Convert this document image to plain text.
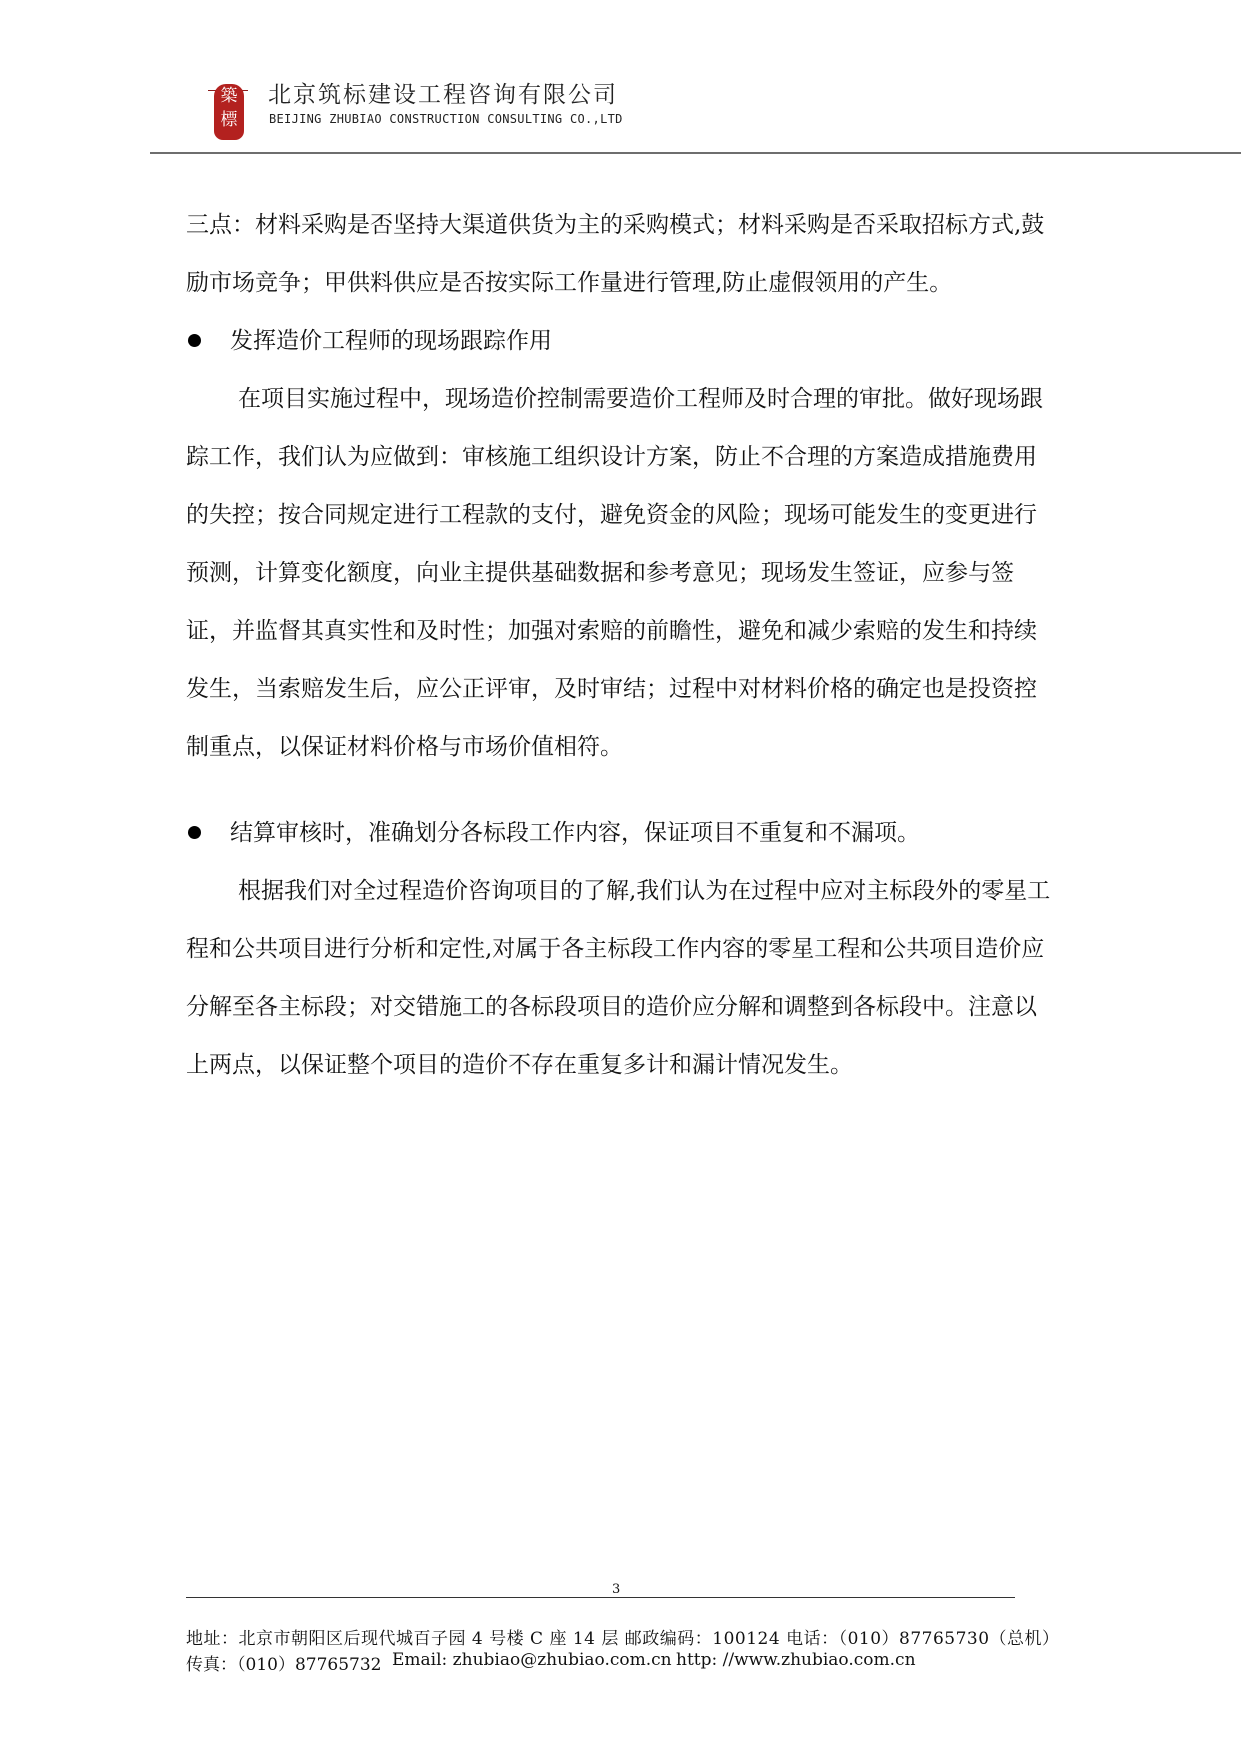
築
標
北京筑标建设工程咨询有限公司
BEIJING ZHUBIAO CONSTRUCTION CONSULTING CO.,LTD

三点：材料采购是否坚持大渠道供货为主的采购模式；材料采购是否采取招标方式,鼓励市场竞争；甲供料供应是否按实际工作量进行管理,防止虚假领用的产生。

发挥造价工程师的现场跟踪作用

在项目实施过程中，现场造价控制需要造价工程师及时合理的审批。做好现场跟踪工作，我们认为应做到：审核施工组织设计方案，防止不合理的方案造成措施费用的失控；按合同规定进行工程款的支付，避免资金的风险；现场可能发生的变更进行预测，计算变化额度，向业主提供基础数据和参考意见；现场发生签证，应参与签证，并监督其真实性和及时性；加强对索赔的前瞻性，避免和减少索赔的发生和持续发生，当索赔发生后，应公正评审，及时审结；过程中对材料价格的确定也是投资控制重点，以保证材料价格与市场价值相符。

结算审核时，准确划分各标段工作内容，保证项目不重复和不漏项。

根据我们对全过程造价咨询项目的了解,我们认为在过程中应对主标段外的零星工程和公共项目进行分析和定性,对属于各主标段工作内容的零星工程和公共项目造价应分解至各主标段；对交错施工的各标段项目的造价应分解和调整到各标段中。注意以上两点，以保证整个项目的造价不存在重复多计和漏计情况发生。

3
地址：北京市朝阳区后现代城百子园 4 号楼 C 座 14 层 邮政编码：100124 电话：（010）87765730（总机）
传真：（010）87765732 Email: zhubiao@zhubiao.com.cn http: //www.zhubiao.com.cn
